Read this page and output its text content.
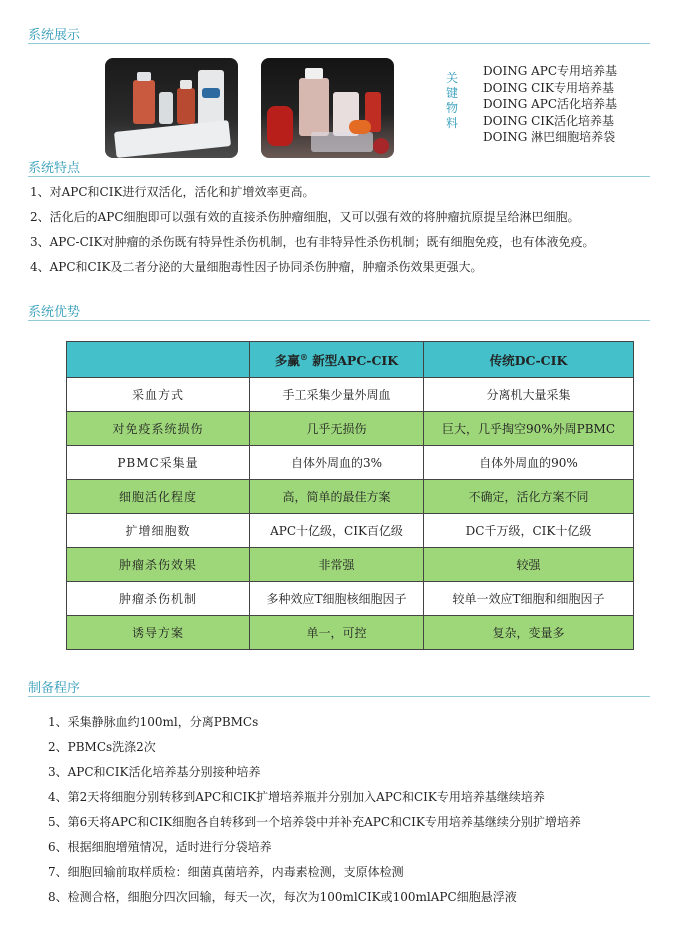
系统展示
关键物料
DOING APC专用培养基
DOING CIK专用培养基
DOING APC活化培养基
DOING CIK活化培养基
DOING 淋巴细胞培养袋
系统特点
1、对APC和CIK进行双活化，活化和扩增效率更高。
2、活化后的APC细胞即可以强有效的直接杀伤肿瘤细胞，又可以强有效的将肿瘤抗原提呈给淋巴细胞。
3、APC-CIK对肿瘤的杀伤既有特异性杀伤机制，也有非特异性杀伤机制；既有细胞免疫，也有体液免疫。
4、APC和CIK及二者分泌的大量细胞毒性因子协同杀伤肿瘤，肿瘤杀伤效果更强大。
系统优势
	多赢® 新型APC-CIK	传统DC-CIK
采血方式	手工采集少量外周血	分离机大量采集
对免疫系统损伤	几乎无损伤	巨大，几乎掏空90%外周PBMC
PBMC采集量	自体外周血的3%	自体外周血的90%
细胞活化程度	高，简单的最佳方案	不确定，活化方案不同
扩增细胞数	APC十亿级，CIK百亿级	DC千万级，CIK十亿级
肿瘤杀伤效果	非常强	较强
肿瘤杀伤机制	多种效应T细胞核细胞因子	较单一效应T细胞和细胞因子
诱导方案	单一，可控	复杂，变量多
制备程序
1、采集静脉血约100ml，分离PBMCs
2、PBMCs洗涤2次
3、APC和CIK活化培养基分别接种培养
4、第2天将细胞分别转移到APC和CIK扩增培养瓶并分别加入APC和CIK专用培养基继续培养
5、第6天将APC和CIK细胞各自转移到一个培养袋中并补充APC和CIK专用培养基继续分别扩增培养
6、根据细胞增殖情况，适时进行分袋培养
7、细胞回输前取样质检：细菌真菌培养，内毒素检测，支原体检测
8、检测合格，细胞分四次回输，每天一次，每次为100mlCIK或100mlAPC细胞悬浮液
